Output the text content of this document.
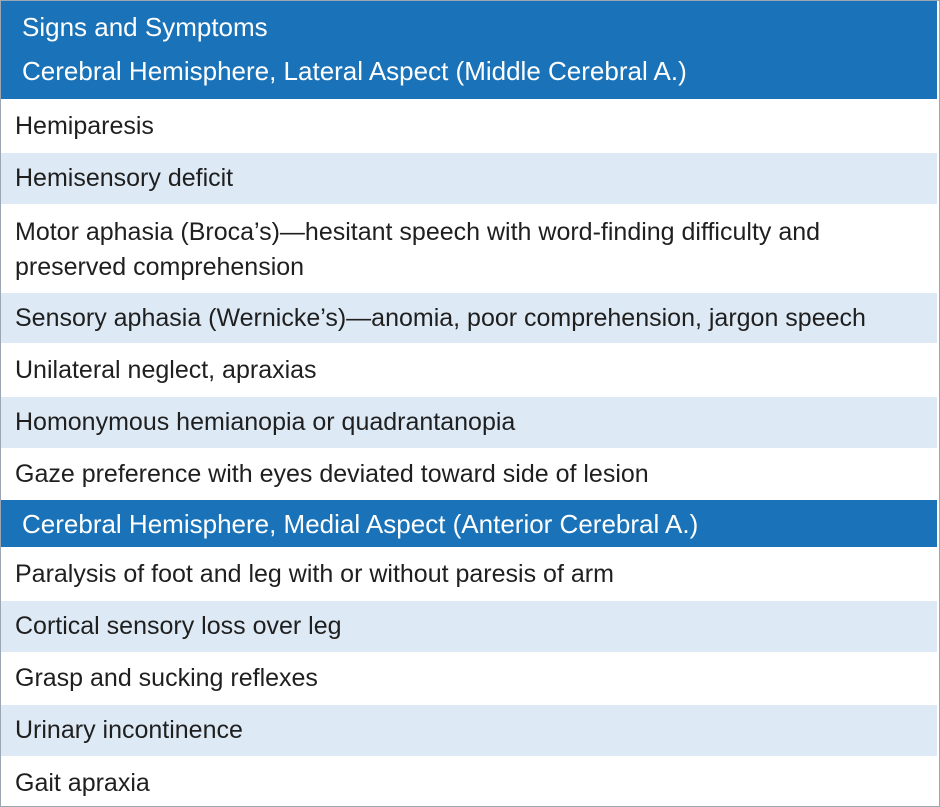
Signs and Symptoms
Cerebral Hemisphere, Lateral Aspect (Middle Cerebral A.)
Hemiparesis
Hemisensory deficit
Motor aphasia (Broca’s)—hesitant speech with word-finding difficulty and preserved comprehension
Sensory aphasia (Wernicke’s)—anomia, poor comprehension, jargon speech
Unilateral neglect, apraxias
Homonymous hemianopia or quadrantanopia
Gaze preference with eyes deviated toward side of lesion
Cerebral Hemisphere, Medial Aspect (Anterior Cerebral A.)
Paralysis of foot and leg with or without paresis of arm
Cortical sensory loss over leg
Grasp and sucking reflexes
Urinary incontinence
Gait apraxia
